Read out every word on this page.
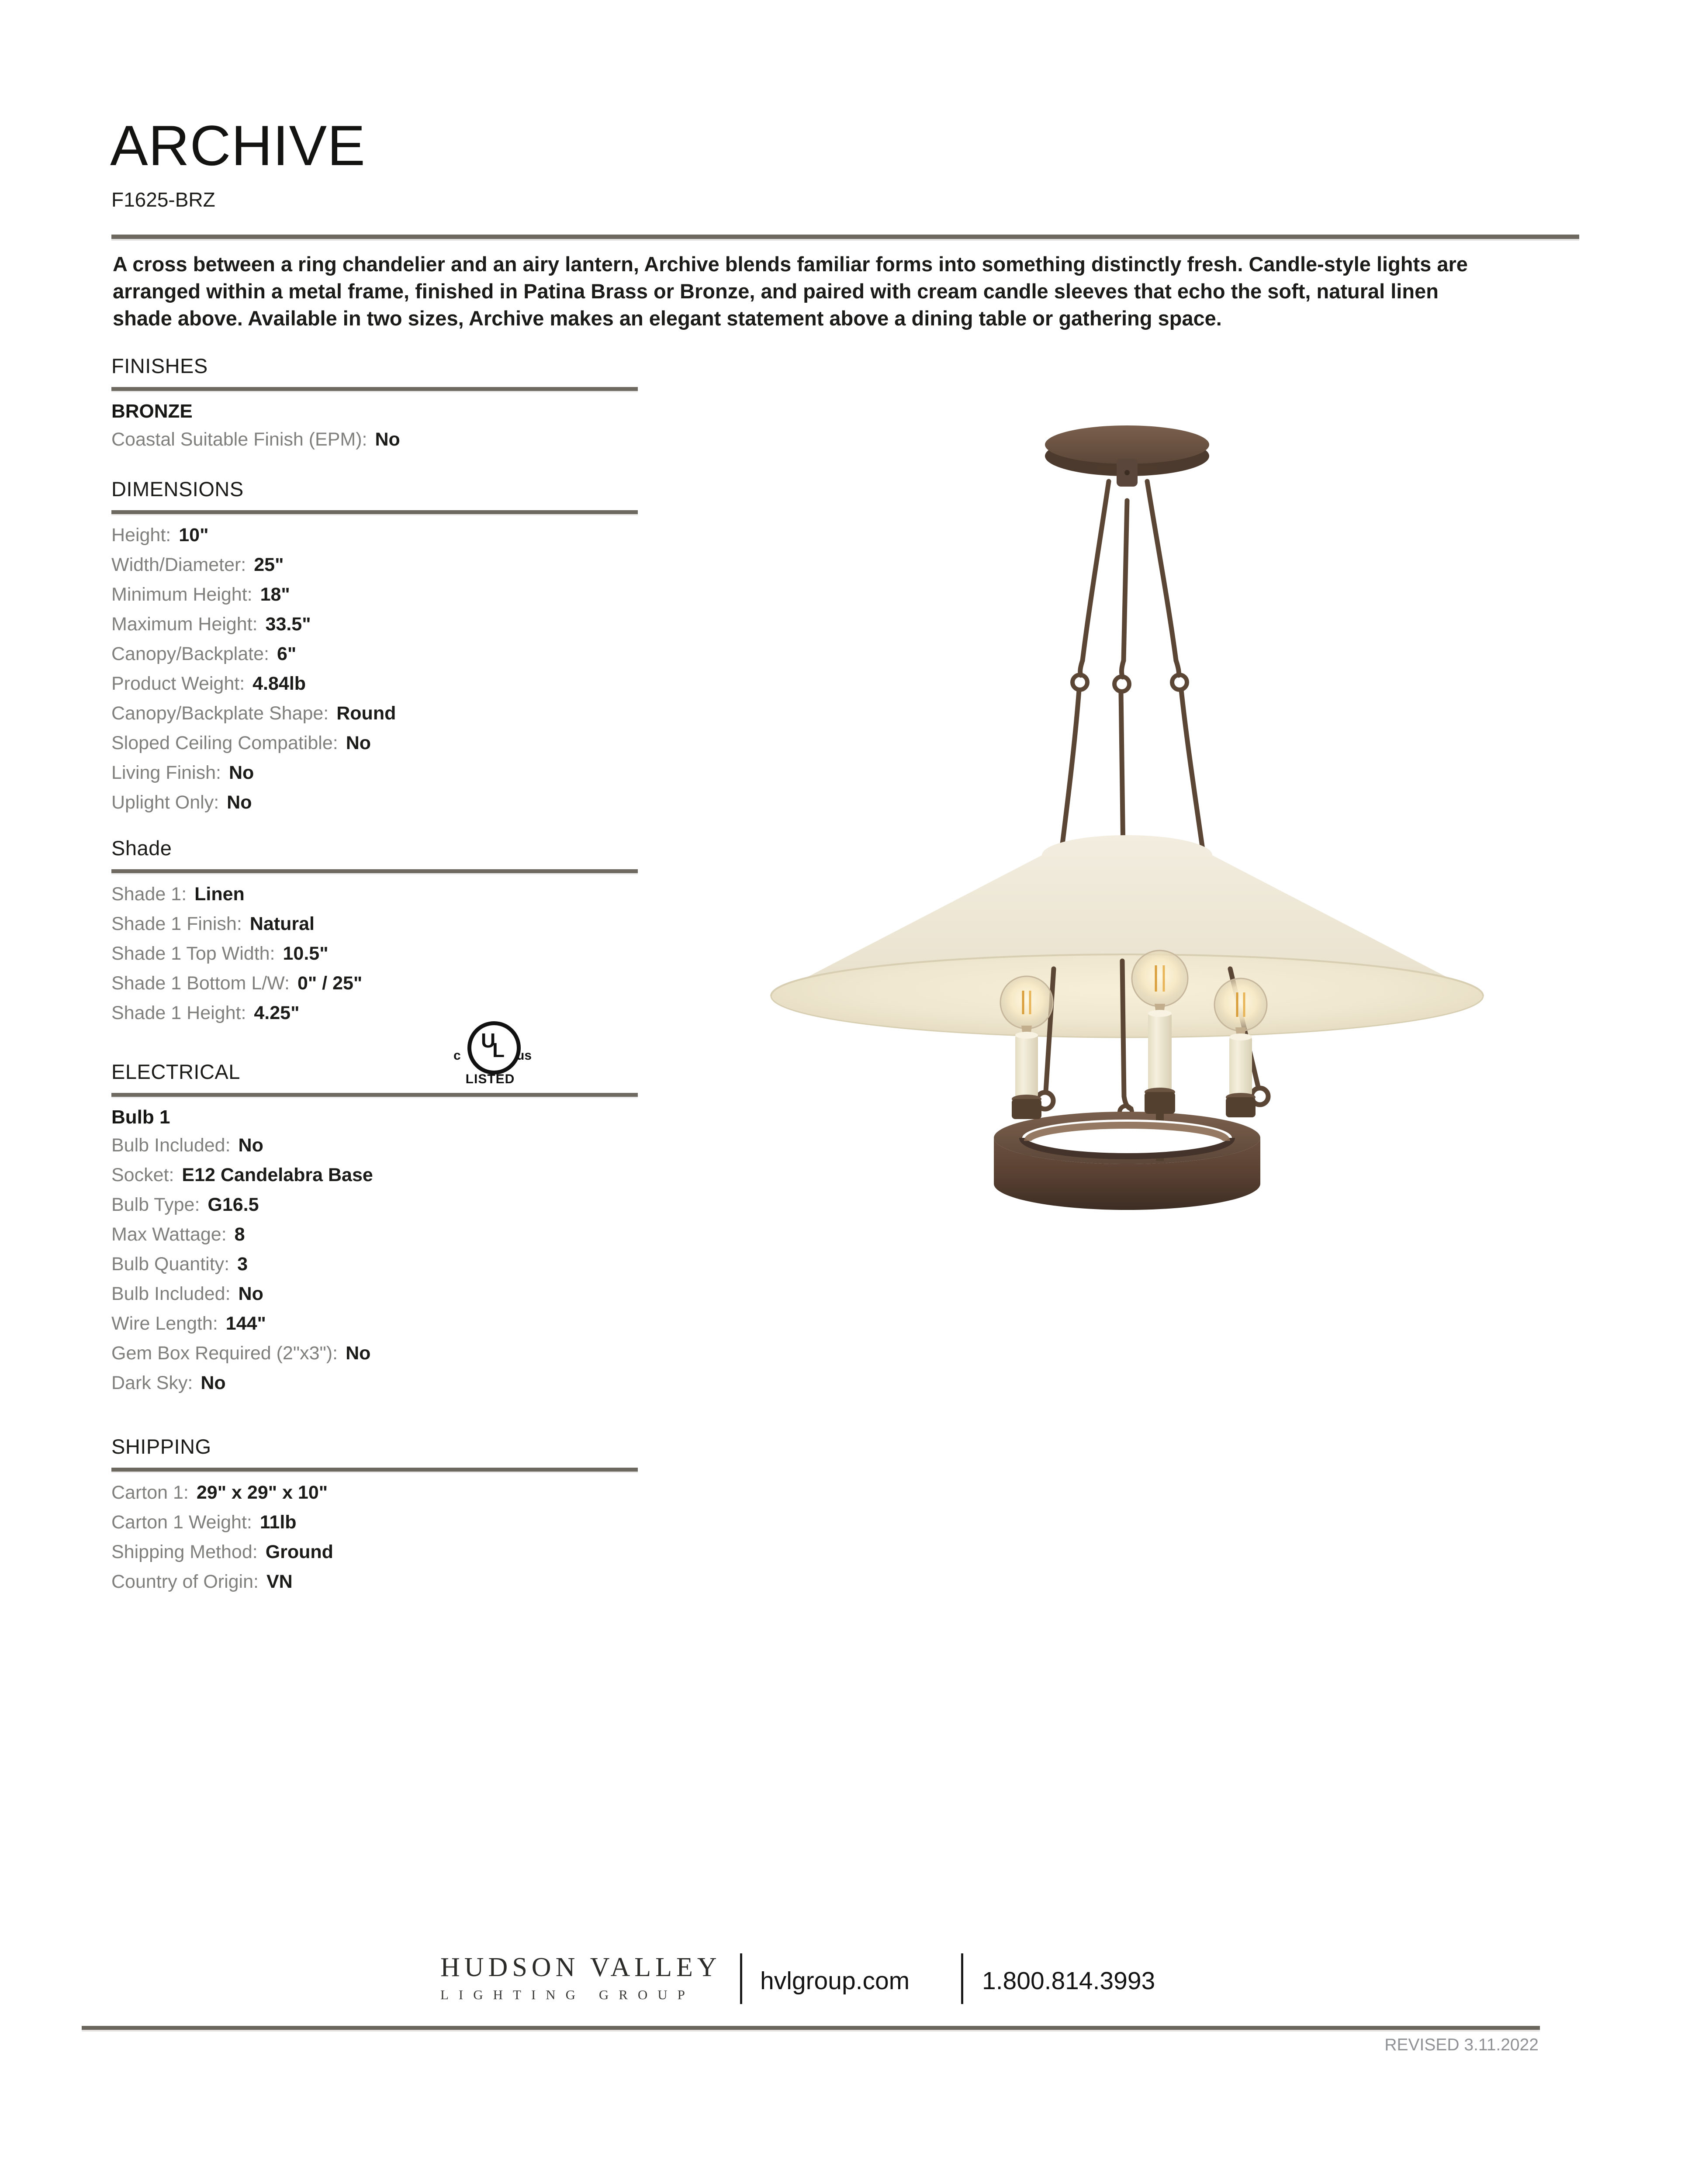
ARCHIVE
F1625-BRZ
A cross between a ring chandelier and an airy lantern, Archive blends familiar forms into something distinctly fresh. Candle-style lights are
arranged within a metal frame, finished in Patina Brass or Bronze, and paired with cream candle sleeves that echo the soft, natural linen
shade above. Available in two sizes, Archive makes an elegant statement above a dining table or gathering space.
FINISHES
BRONZE
Coastal Suitable Finish (EPM): No
DIMENSIONS
Height: 10"
Width/Diameter: 25"
Minimum Height: 18"
Maximum Height: 33.5"
Canopy/Backplate: 6"
Product Weight: 4.84lb
Canopy/Backplate Shape: Round
Sloped Ceiling Compatible: No
Living Finish: No
Uplight Only: No
Shade
Shade 1: Linen
Shade 1 Finish: Natural
Shade 1 Top Width: 10.5"
Shade 1 Bottom L/W: 0" / 25"
Shade 1 Height: 4.25"
c
U
L us
LISTED
ELECTRICAL
Bulb 1
Bulb Included: No
Socket: E12 Candelabra Base
Bulb Type: G16.5
Max Wattage: 8
Bulb Quantity: 3
Bulb Included: No
Wire Length: 144"
Gem Box Required (2"x3"): No
Dark Sky: No
SHIPPING
Carton 1: 29" x 29" x 10"
Carton 1 Weight: 11lb
Shipping Method: Ground
Country of Origin: VN
HUDSON VALLEY
LIGHTING GROUP	hvlgroup.com	1.800.814.3993
REVISED 3.11.2022
